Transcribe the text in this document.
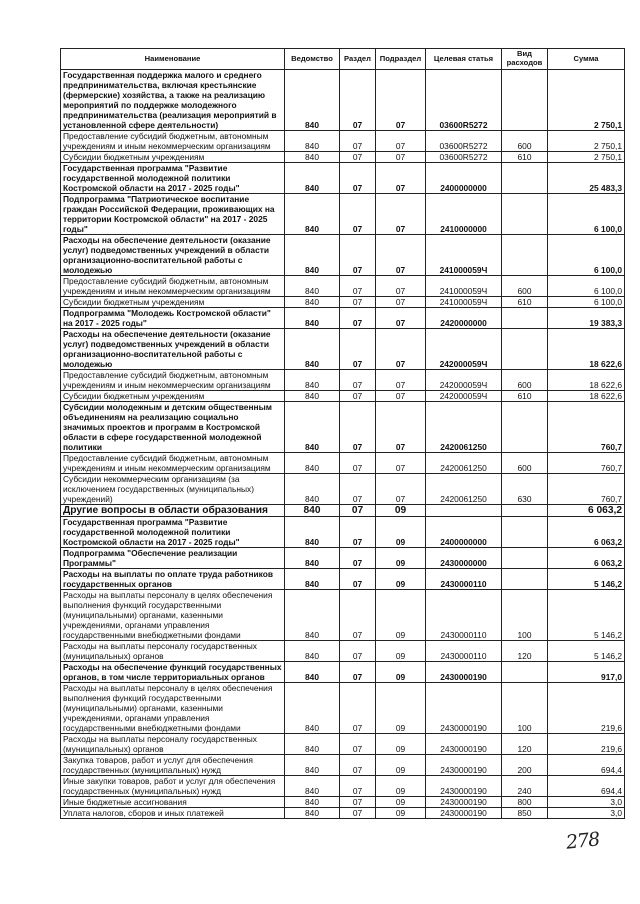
Наименование	Ведомство	Раздел	Подраздел	Целевая статья	Вид расходов	Сумма
Государственная поддержка малого и среднего предпринимательства, включая крестьянские (фермерские) хозяйства, а также на реализацию мероприятий по поддержке молодежного предпринимательства (реализация мероприятий в установленной сфере деятельности)	840	07	07	03600R5272		2 750,1
Предоставление субсидий бюджетным, автономным учреждениям и иным некоммерческим организациям	840	07	07	03600R5272	600	2 750,1
Субсидии бюджетным учреждениям	840	07	07	03600R5272	610	2 750,1
Государственная программа "Развитие государственной молодежной политики Костромской области на 2017 - 2025 годы"	840	07	07	2400000000		25 483,3
Подпрограмма "Патриотическое воспитание граждан Российской Федерации, проживающих на территории Костромской области" на 2017 - 2025 годы"	840	07	07	2410000000		6 100,0
Расходы на обеспечение деятельности (оказание услуг) подведомственных учреждений в области организационно-воспитательной работы с молодежью	840	07	07	241000059Ч		6 100,0
Предоставление субсидий бюджетным, автономным учреждениям и иным некоммерческим организациям	840	07	07	241000059Ч	600	6 100,0
Субсидии бюджетным учреждениям	840	07	07	241000059Ч	610	6 100,0
Подпрограмма "Молодежь Костромской области" на 2017 - 2025 годы"	840	07	07	2420000000		19 383,3
Расходы на обеспечение деятельности (оказание услуг) подведомственных учреждений в области организационно-воспитательной работы с молодежью	840	07	07	242000059Ч		18 622,6
Предоставление субсидий бюджетным, автономным учреждениям и иным некоммерческим организациям	840	07	07	242000059Ч	600	18 622,6
Субсидии бюджетным учреждениям	840	07	07	242000059Ч	610	18 622,6
Субсидии молодежным и детским общественным объединениям на реализацию социально значимых проектов и программ в Костромской области в сфере государственной молодежной политики	840	07	07	2420061250		760,7
Предоставление субсидий бюджетным, автономным учреждениям и иным некоммерческим организациям	840	07	07	2420061250	600	760,7
Субсидии некоммерческим организациям (за исключением государственных (муниципальных) учреждений)	840	07	07	2420061250	630	760,7
Другие вопросы в области образования	840	07	09			6 063,2
Государственная программа "Развитие государственной молодежной политики Костромской области на 2017 - 2025 годы"	840	07	09	2400000000		6 063,2
Подпрограмма "Обеспечение реализации Программы"	840	07	09	2430000000		6 063,2
Расходы на выплаты по оплате труда работников государственных органов	840	07	09	2430000110		5 146,2
Расходы на выплаты персоналу в целях обеспечения выполнения функций государственными (муниципальными) органами, казенными учреждениями, органами управления государственными внебюджетными фондами	840	07	09	2430000110	100	5 146,2
Расходы на выплаты персоналу государственных (муниципальных) органов	840	07	09	2430000110	120	5 146,2
Расходы на обеспечение функций государственных органов, в том числе территориальных органов	840	07	09	2430000190		917,0
Расходы на выплаты персоналу в целях обеспечения выполнения функций государственными (муниципальными) органами, казенными учреждениями, органами управления государственными внебюджетными фондами	840	07	09	2430000190	100	219,6
Расходы на выплаты персоналу государственных (муниципальных) органов	840	07	09	2430000190	120	219,6
Закупка товаров, работ и услуг для обеспечения государственных (муниципальных) нужд	840	07	09	2430000190	200	694,4
Иные закупки товаров, работ и услуг для обеспечения государственных (муниципальных) нужд	840	07	09	2430000190	240	694,4
Иные бюджетные ассигнования	840	07	09	2430000190	800	3,0
Уплата налогов, сборов и иных платежей	840	07	09	2430000190	850	3,0
278
